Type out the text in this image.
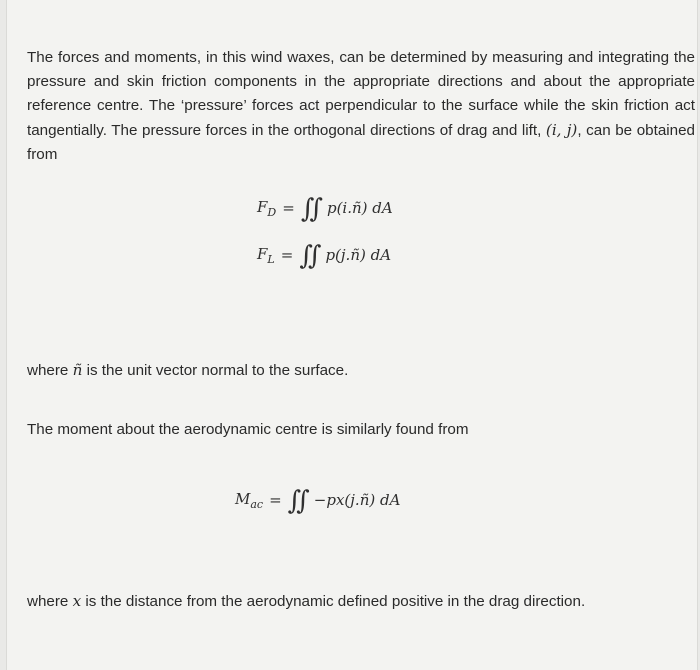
The forces and moments, in this wind waxes, can be determined by measuring and integrating the pressure and skin friction components in the appropriate directions and about the appropriate reference centre. The ‘pressure’ forces act perpendicular to the surface while the skin friction act tangentially. The pressure forces in the orthogonal directions of drag and lift, (i, j), can be obtained from

$F_D$ = ∬ p(i.ñ) dA
$F_L$ = ∬ p(j.ñ) dA

where ñ is the unit vector normal to the surface.

The moment about the aerodynamic centre is similarly found from

$M_{ac}$ = ∬ −px(j.ñ) dA

where x is the distance from the aerodynamic defined positive in the drag direction.
